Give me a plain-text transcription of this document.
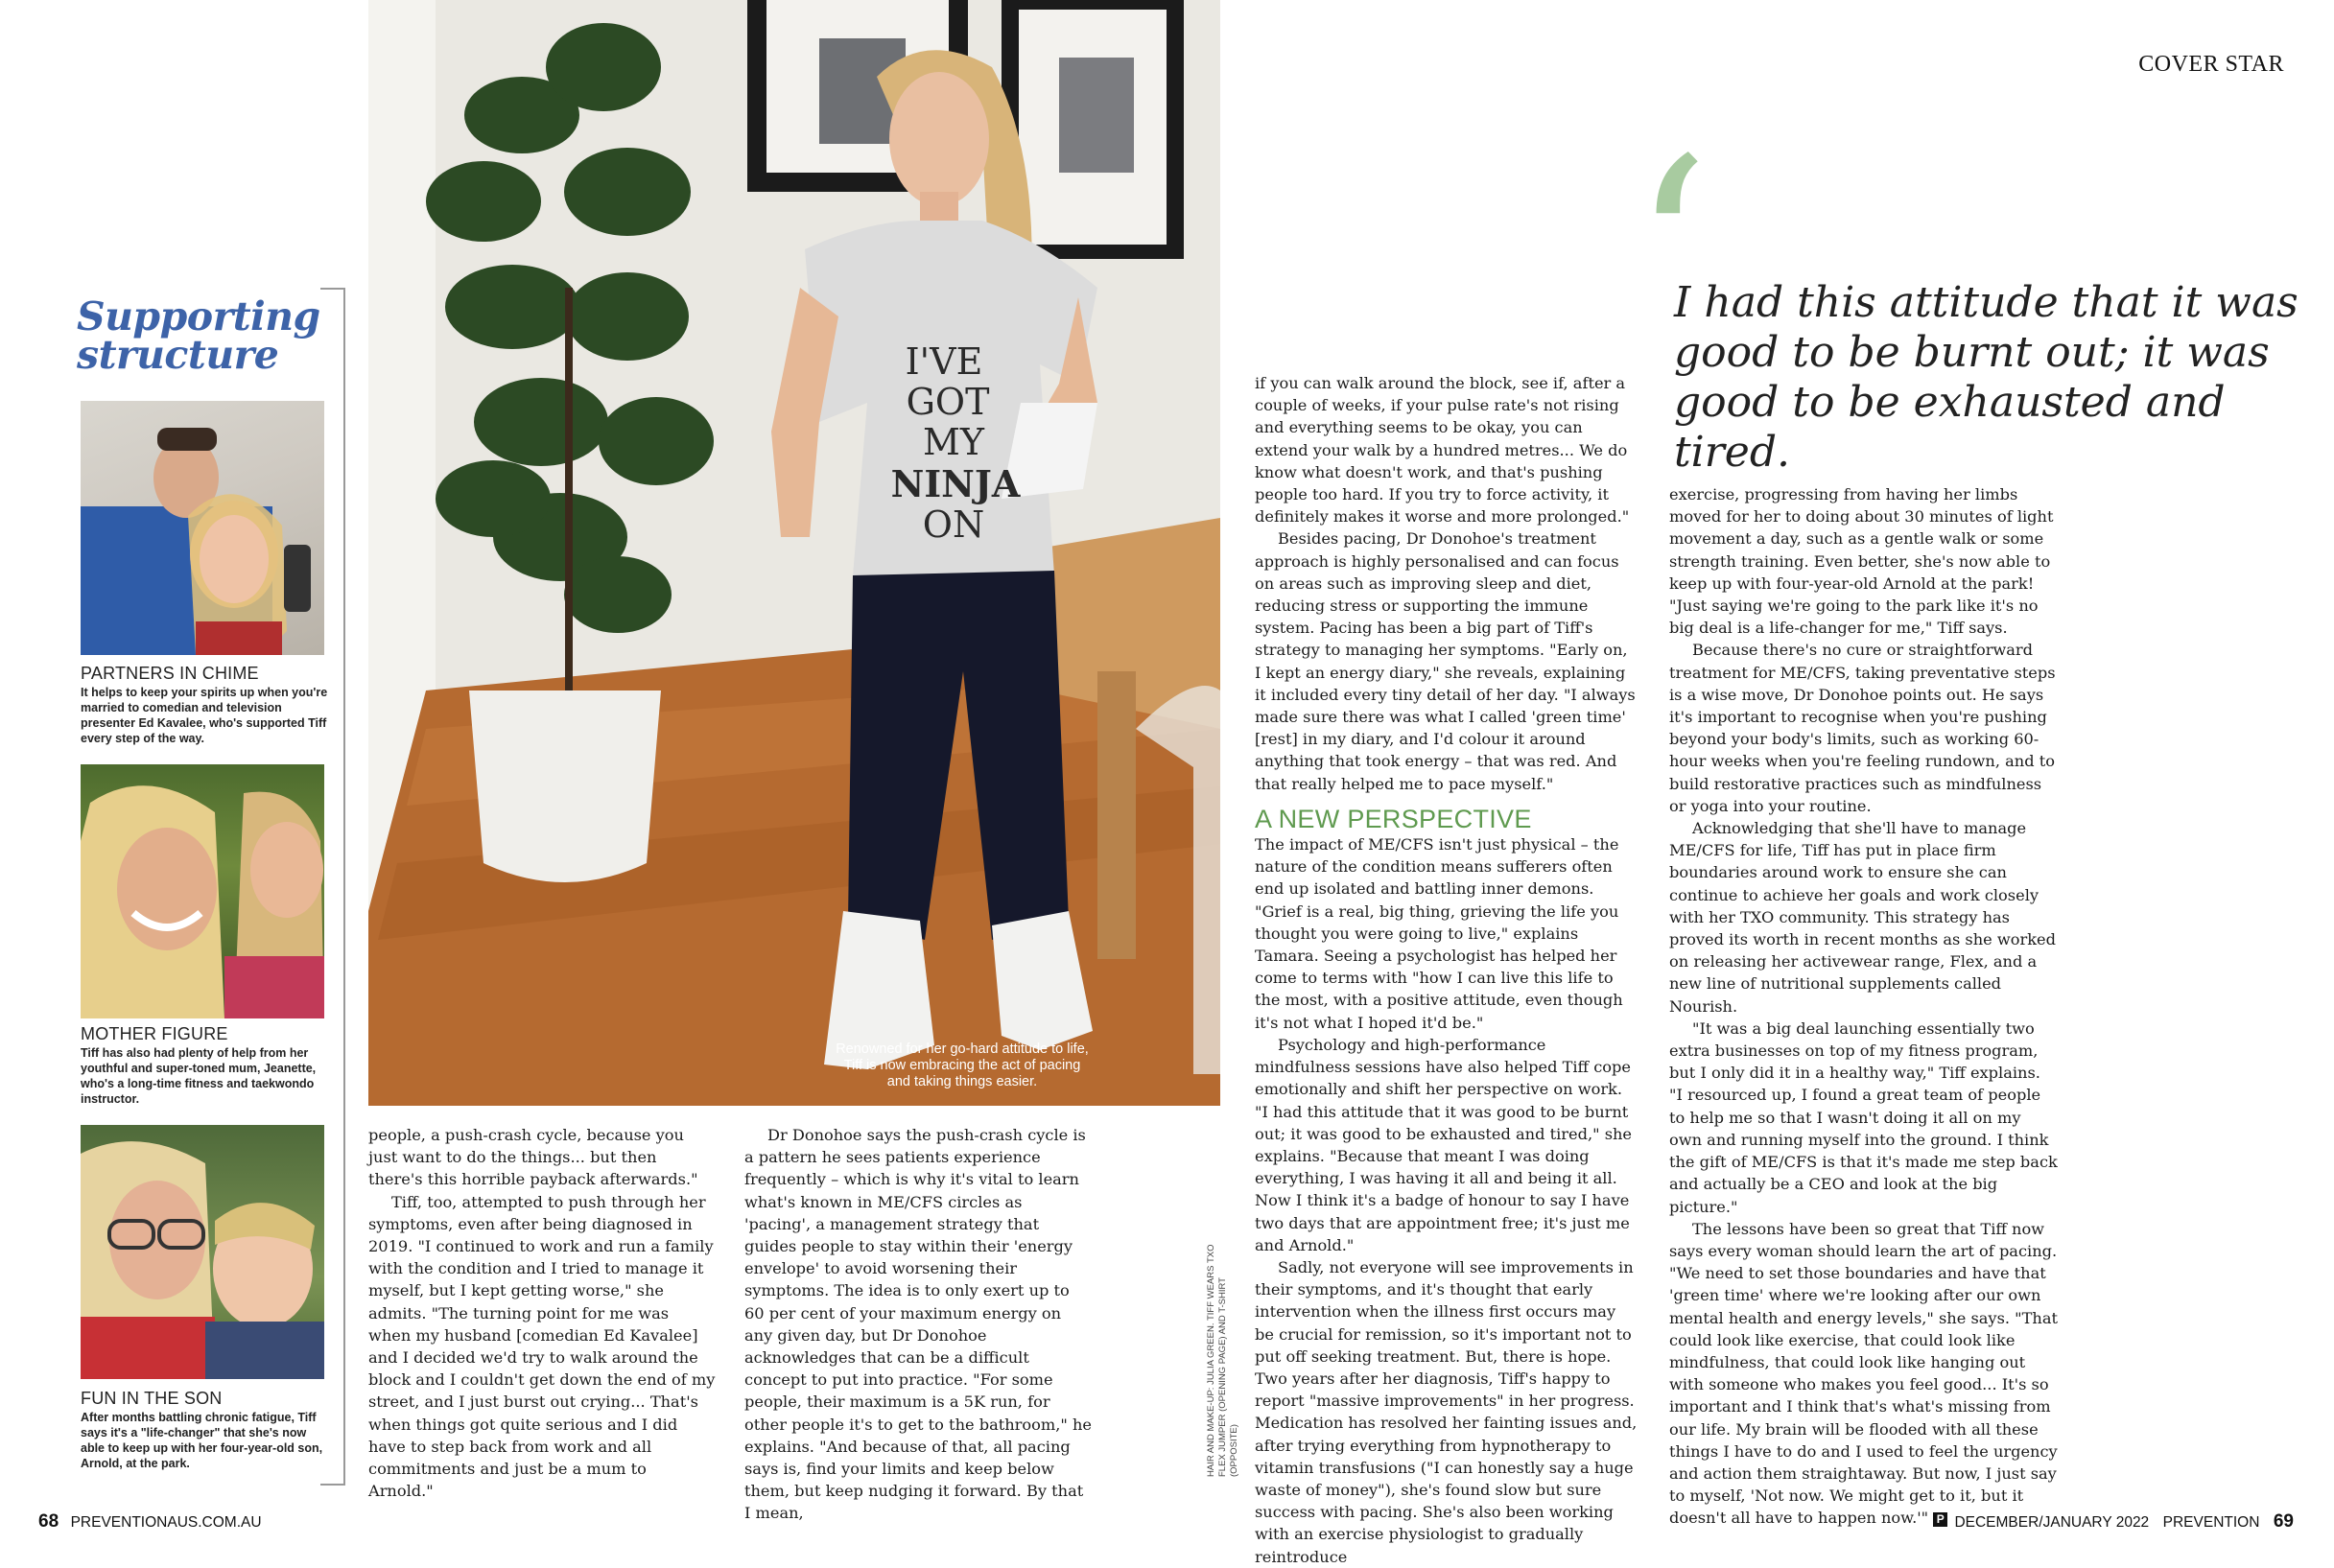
COVER STAR
Supporting
structure
PARTNERS IN CHIME
It helps to keep your spirits up when you're married to comedian and television presenter Ed Kavalee, who's supported Tiff every step of the way.
MOTHER FIGURE
Tiff has also had plenty of help from her youthful and super-toned mum, Jeanette, who's a long-time fitness and taekwondo instructor.
FUN IN THE SON
After months battling chronic fatigue, Tiff says it's a "life-changer" that she's now able to keep up with her four-year-old son, Arnold, at the park.
I'VE
GOT
MY
NINJA
ON
Renowned for her go-hard attitude to life, Tiff is now embracing the act of pacing and taking things easier.
HAIR AND MAKE-UP: JULIA GREEN. TIFF WEARS TXO FLEX JUMPER (OPENING PAGE) AND T-SHIRT (OPPOSITE)
‘
I had this attitude that it was
good to be burnt out; it was
good to be exhausted and tired.

people, a push-crash cycle, because you just want to do the things... but then there's this horrible payback afterwards."

Tiff, too, attempted to push through her symptoms, even after being diagnosed in 2019. "I continued to work and run a family with the condition and I tried to manage it myself, but I kept getting worse," she admits. "The turning point for me was when my husband [comedian Ed Kavalee] and I decided we'd try to walk around the block and I couldn't get down the end of my street, and I just burst out crying... That's when things got quite serious and I did have to step back from work and all commitments and just be a mum to Arnold."

Dr Donohoe says the push-crash cycle is a pattern he sees patients experience frequently – which is why it's vital to learn what's known in ME/CFS circles as 'pacing', a management strategy that guides people to stay within their 'energy envelope' to avoid worsening their symptoms. The idea is to only exert up to 60 per cent of your maximum energy on any given day, but Dr Donohoe acknowledges that can be a difficult concept to put into practice. "For some people, their maximum is a 5K run, for other people it's to get to the bathroom," he explains. "And because of that, all pacing says is, find your limits and keep below them, but keep nudging it forward. By that I mean,

if you can walk around the block, see if, after a couple of weeks, if your pulse rate's not rising and everything seems to be okay, you can extend your walk by a hundred metres... We do know what doesn't work, and that's pushing people too hard. If you try to force activity, it definitely makes it worse and more prolonged."

Besides pacing, Dr Donohoe's treatment approach is highly personalised and can focus on areas such as improving sleep and diet, reducing stress or supporting the immune system. Pacing has been a big part of Tiff's strategy to managing her symptoms. "Early on, I kept an energy diary," she reveals, explaining it included every tiny detail of her day. "I always made sure there was what I called 'green time' [rest] in my diary, and I'd colour it around anything that took energy – that was red. And that really helped me to pace myself."

A NEW PERSPECTIVE

The impact of ME/CFS isn't just physical – the nature of the condition means sufferers often end up isolated and battling inner demons. "Grief is a real, big thing, grieving the life you thought you were going to live," explains Tamara. Seeing a psychologist has helped her come to terms with "how I can live this life to the most, with a positive attitude, even though it's not what I hoped it'd be."

Psychology and high-performance mindfulness sessions have also helped Tiff cope emotionally and shift her perspective on work. "I had this attitude that it was good to be burnt out; it was good to be exhausted and tired," she explains. "Because that meant I was doing everything, I was having it all and being it all. Now I think it's a badge of honour to say I have two days that are appointment free; it's just me and Arnold."

Sadly, not everyone will see improvements in their symptoms, and it's thought that early intervention when the illness first occurs may be crucial for remission, so it's important not to put off seeking treatment. But, there is hope. Two years after her diagnosis, Tiff's happy to report "massive improvements" in her progress. Medication has resolved her fainting issues and, after trying everything from hypnotherapy to vitamin transfusions ("I can honestly say a huge waste of money"), she's found slow but sure success with pacing. She's also been working with an exercise physiologist to gradually reintroduce

exercise, progressing from having her limbs moved for her to doing about 30 minutes of light movement a day, such as a gentle walk or some strength training. Even better, she's now able to keep up with four-year-old Arnold at the park! "Just saying we're going to the park like it's no big deal is a life-changer for me," Tiff says.

Because there's no cure or straightforward treatment for ME/CFS, taking preventative steps is a wise move, Dr Donohoe points out. He says it's important to recognise when you're pushing beyond your body's limits, such as working 60-hour weeks when you're feeling rundown, and to build restorative practices such as mindfulness or yoga into your routine.

Acknowledging that she'll have to manage ME/CFS for life, Tiff has put in place firm boundaries around work to ensure she can continue to achieve her goals and work closely with her TXO community. This strategy has proved its worth in recent months as she worked on releasing her activewear range, Flex, and a new line of nutritional supplements called Nourish.

"It was a big deal launching essentially two extra businesses on top of my fitness program, but I only did it in a healthy way," Tiff explains. "I resourced up, I found a great team of people to help me so that I wasn't doing it all on my own and running myself into the ground. I think the gift of ME/CFS is that it's made me step back and actually be a CEO and look at the big picture."

The lessons have been so great that Tiff now says every woman should learn the art of pacing. "We need to set those boundaries and have that 'green time' where we're looking after our own mental health and energy levels," she says. "That could look like exercise, that could look like mindfulness, that could look like hanging out with someone who makes you feel good... It's so important and I think that's what's missing from our life. My brain will be flooded with all these things I have to do and I used to feel the urgency and action them straightaway. But now, I just say to myself, 'Not now. We might get to it, but it doesn't all have to happen now.'" P

68 PREVENTIONAUS.COM.AU	DECEMBER/JANUARY 2022 PREVENTION 69
